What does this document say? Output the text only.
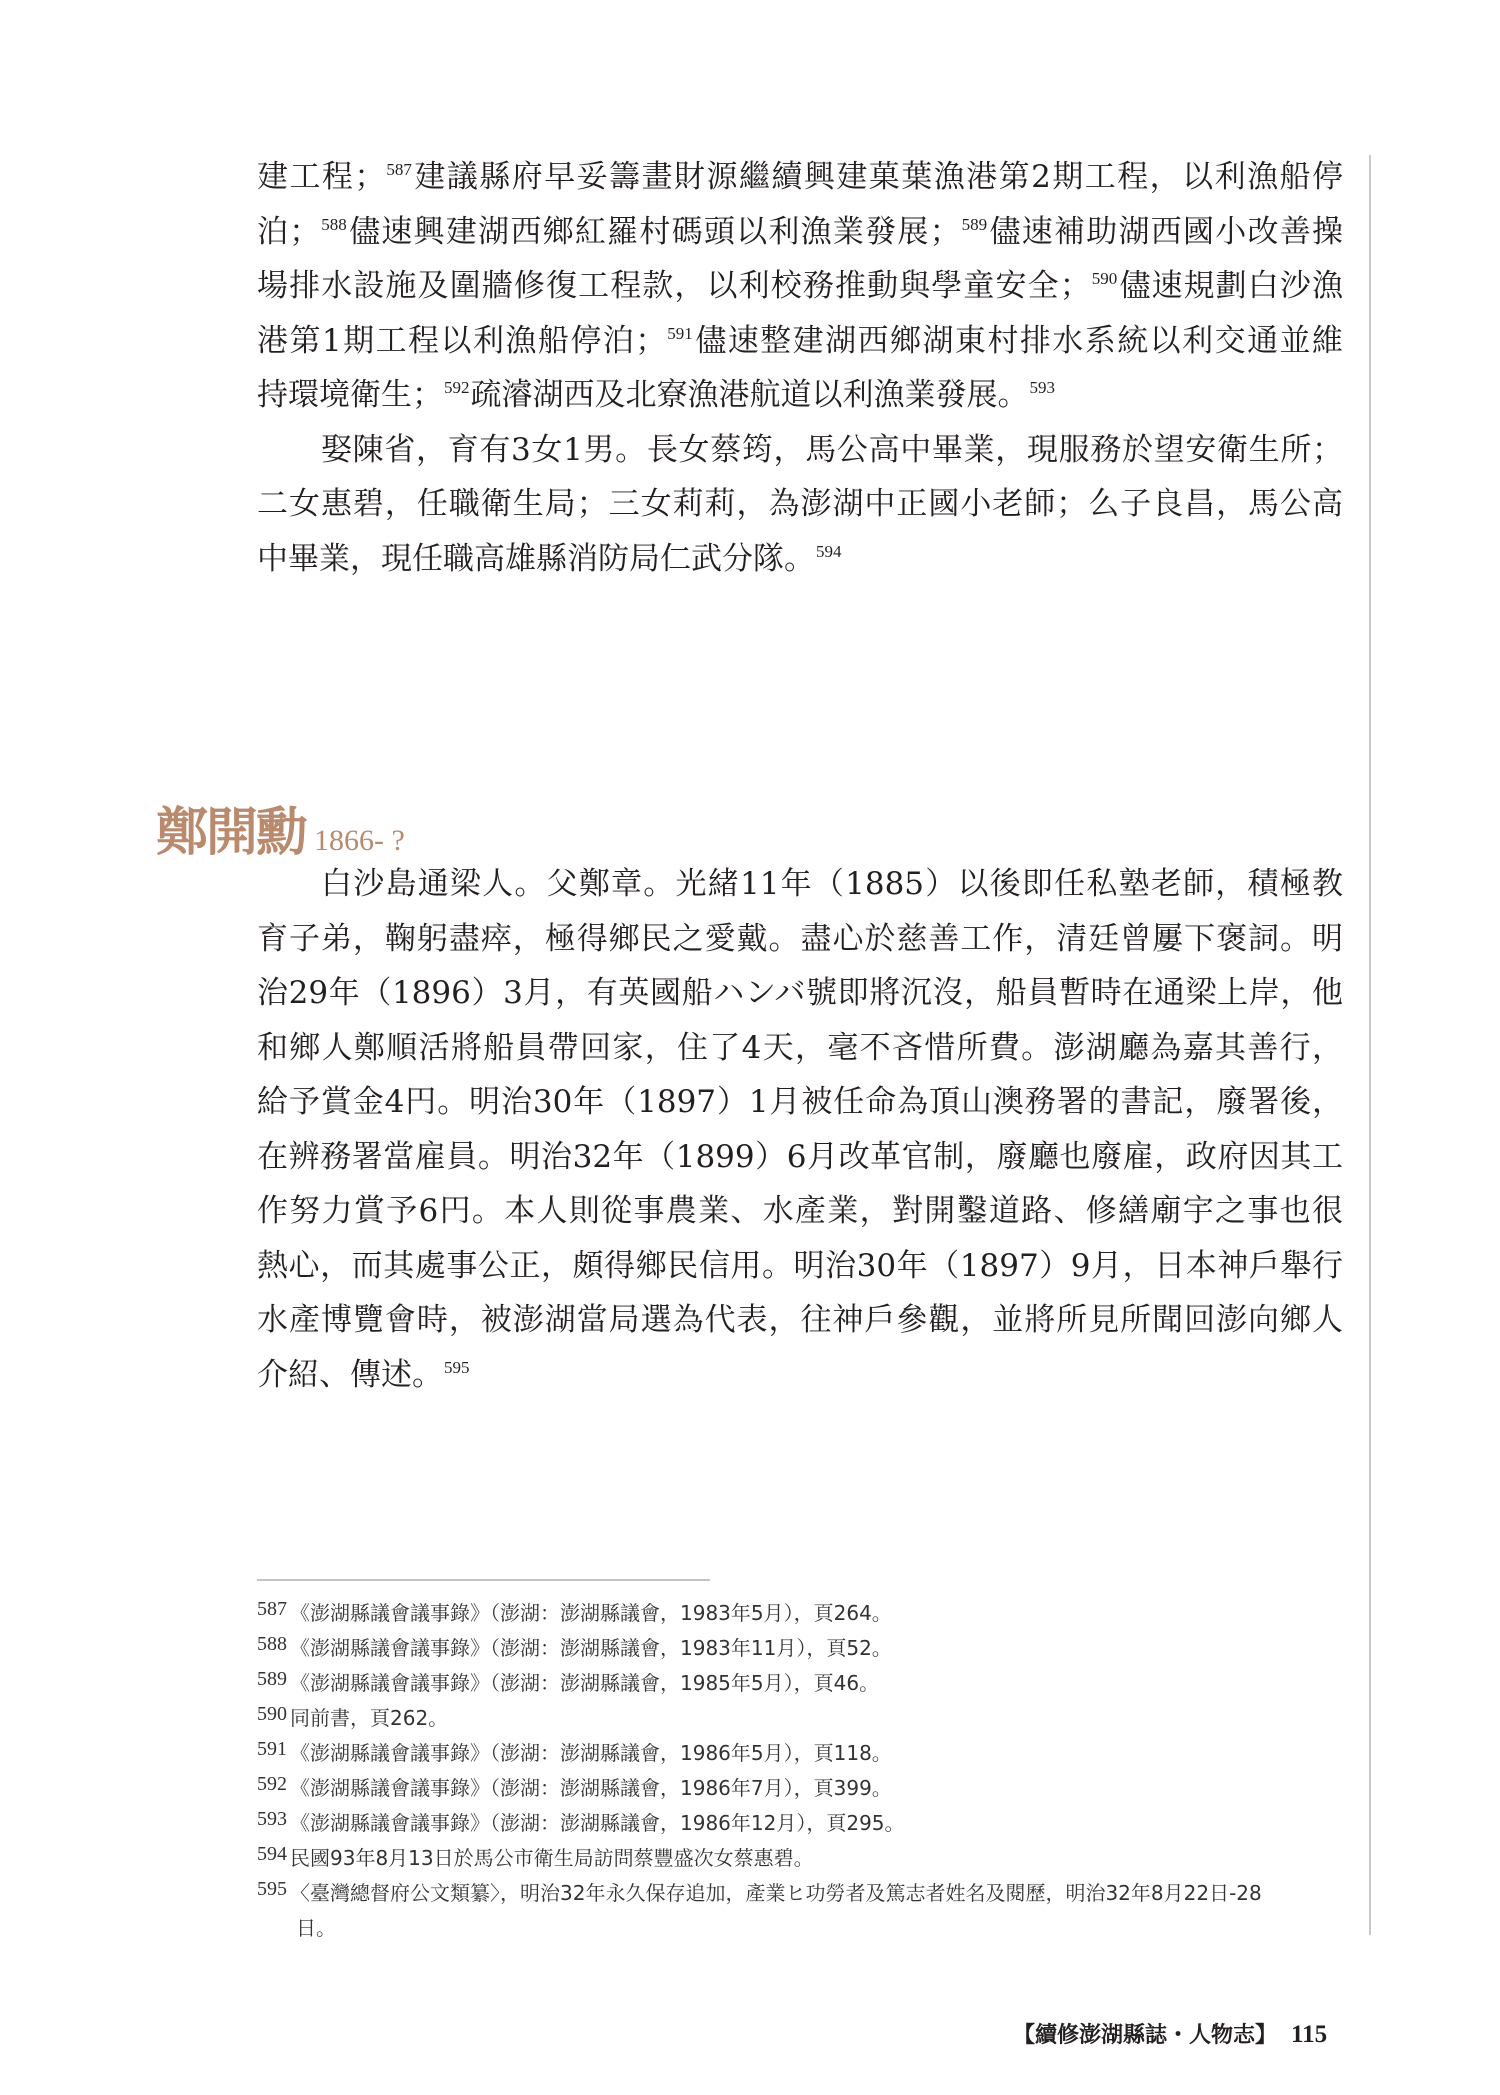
建工程；$^{587}$建議縣府早妥籌畫財源繼續興建菓葉漁港第2期工程，以利漁船停
泊；$^{588}$儘速興建湖西鄉紅羅村碼頭以利漁業發展；$^{589}$儘速補助湖西國小改善操
場排水設施及圍牆修復工程款，以利校務推動與學童安全；$^{590}$儘速規劃白沙漁
港第1期工程以利漁船停泊；$^{591}$儘速整建湖西鄉湖東村排水系統以利交通並維
持環境衛生；$^{592}$疏濬湖西及北寮漁港航道以利漁業發展。$^{593}$
娶陳省，育有3女1男。長女蔡筠，馬公高中畢業，現服務於望安衛生所；
二女惠碧，任職衛生局；三女莉莉，為澎湖中正國小老師；么子良昌，馬公高
中畢業，現任職高雄縣消防局仁武分隊。$^{594}$
鄭開勳 1866- ?
白沙島通梁人。父鄭章。光緒11年（1885）以後即任私塾老師，積極教
育子弟，鞠躬盡瘁，極得鄉民之愛戴。盡心於慈善工作，清廷曾屢下褒詞。明
治29年（1896）3月，有英國船ハンバ號即將沉沒，船員暫時在通梁上岸，他
和鄉人鄭順活將船員帶回家，住了4天，毫不吝惜所費。澎湖廳為嘉其善行，
給予賞金4円。明治30年（1897）1月被任命為頂山澳務署的書記，廢署後，
在辨務署當雇員。明治32年（1899）6月改革官制，廢廳也廢雇，政府因其工
作努力賞予6円。本人則從事農業、水產業，對開鑿道路、修繕廟宇之事也很
熱心，而其處事公正，頗得鄉民信用。明治30年（1897）9月，日本神戶舉行
水產博覽會時，被澎湖當局選為代表，往神戶參觀，並將所見所聞回澎向鄉人
介紹、傳述。$^{595}$
587 《澎湖縣議會議事錄》（澎湖：澎湖縣議會，1983年5月），頁264。
588 《澎湖縣議會議事錄》（澎湖：澎湖縣議會，1983年11月），頁52。
589 《澎湖縣議會議事錄》（澎湖：澎湖縣議會，1985年5月），頁46。
590 同前書，頁262。
591 《澎湖縣議會議事錄》（澎湖：澎湖縣議會，1986年5月），頁118。
592 《澎湖縣議會議事錄》（澎湖：澎湖縣議會，1986年7月），頁399。
593 《澎湖縣議會議事錄》（澎湖：澎湖縣議會，1986年12月），頁295。
594 民國93年8月13日於馬公市衛生局訪問蔡豐盛次女蔡惠碧。
595 〈臺灣總督府公文類纂〉，明治32年永久保存追加，產業ヒ功勞者及篤志者姓名及閱歷，明治32年8月22日-28
日。
【續修澎湖縣誌・人物志】 115
